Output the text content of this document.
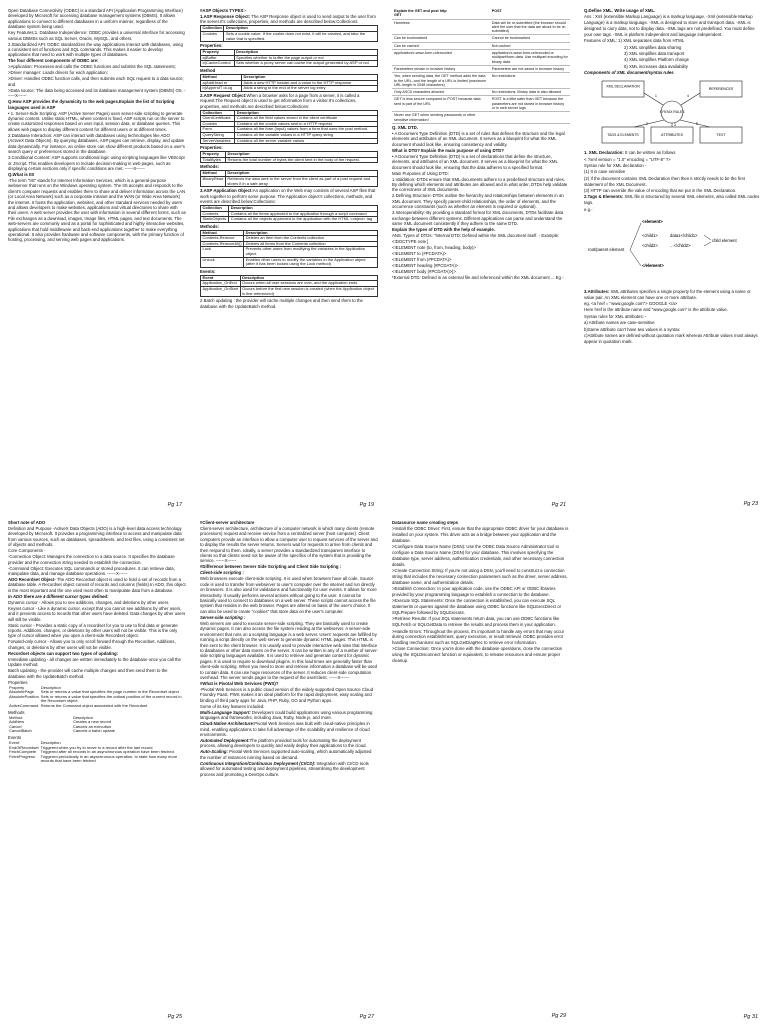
Open Database Connectivity (ODBC) is a standard API (Application Programming Interface) developed by Microsoft for accessing database management systems (DBMS). It allows applications to connect to different databases in a uniform manner, regardless of the database system being used.

Key Features:1. Database Independence: ODBC provides a universal interface for accessing various DBMSs such as SQL Server, Oracle, MySQL, and others.

2.Standardized API: ODBC standardizes the way applications interact with databases, using a consistent set of functions and SQL commands. This makes it easier to develop applications that need to work with multiple types of databases.

The four different components of ODBC are:

>Application: Processes and calls the ODBC functions and submits the SQL statements;

>Driver manager: Loads drivers for each application;

>Driver: Handles ODBC function calls, and then submits each SQL request to a data source; and

>Data source: The data being accessed and its database management system (DBMS) OS. ------X------

Q.How ASP provides the dynamicity to the web pages.Explain the list of Scripting languages used in ASP

• 1. Server-Side Scripting: ASP (Active Server Pages) uses server-side scripting to generate dynamic content. Unlike static HTML, where content is fixed, ASP scripts run on the server to create customized responses based on user input, session data, or database queries. This allows web pages to display different content for different users or at different times.

2.Database Interaction: ASP can interact with databases using technologies like ADO (ActiveX Data Objects). By querying databases, ASP pages can retrieve, display, and update data dynamically. For instance, an online store can show different products based on a user's search query or preferences stored in the database.

3.Conditional Content: ASP supports conditional logic using scripting languages like VBScript or JScript. This enables developers to include decision-making in web pages, such as displaying certain sections only if specific conditions are met. ------X------

Q.What is IIS

-The term "IIS" stands for Internet Information Services, which is a general-purpose webserver that runs on the Windows operating system. The IIS accepts and responds to the client's computer requests and enables them to share and deliver information across the LAN (or Local Area Network) such as a corporate intranet and the WAN (or Wide Area Network) the internet. It hosts the application, websites, and other standard services needed by users and allows developers to make websites, applications and virtual directories to share with their users. A web server provides the user with information in several different forms, such as File exchanges as a download, images, Image files, HTML pages, and text documents. The web-servers are commonly used as a portal for sophisticated and highly interactive websites, applications that hold middleware and back-end applications together to make everything operational. It also provides hardware and software components, with the primary function of hosting, processing, and serving web pages and applications.

Pg 17

#ASP Objects TYPES:-

1.ASP Response Object: The ASP Response object is used to send output to the user from the server.It's collections, properties, and methods are described below:Collections:

Collection	Description
Cookies	Sets a cookie value. If the cookie does not exist, it will be created, and take the value that is specified.

Properties:

Property	Description
a)Buffer	Specifies whether to buffer the page output or not
b)CacheControl	Sets whether a proxy server can cache the output generated by ASP or not

Method

Method	Description
a)AddHead er	Adds a new HTTP header and a value to the HTTP response
b)AppendT oLog	Adds a string to the end of the server log entry

2.ASP Request Object:When a browser asks for a page from a server, it is called a request.The Request object is used to get information from a visitor.It's collections, properties, and methods are described below:Collections:

Collection	Description
ClientCertificate	Contains all the field values stored in the client certificate
Cookies	Contains all the cookie values sent in a HTTP request
Form	Contains all the form (input) values from a form that uses the post method
QueryString	Contains all the variable values in a HTTP query string
ServerVariables	Contains all the server variable values

Properties:

Property	Description
TotalBytes	Returns the total number of bytes the client sent in the body of the request.

Methods:

Method	Description
BinaryRead	Retrieves the data sent to the server from the client as part of a post request and stores it in a safe array

3.ASP Application Object:An application on the Web may consists of several ASP files that work together to perform some purpose. The Application object's collections, methods, and events are described below:Collections:

Collection	Description
Contents	Contains all the items appended to the application through a script command
StaticObjects	Contains all the objects appended to the application with the HTML <object> tag

Methods:

Method	Description
Contents.Remove	Deletes an item from the Contents collection
Contents.RemoveAll()	Deletes all items from the Contents collection
Lock	Prevents other users from modifying the variables in the Application object
Unlock	Enables other users to modify the variables in the Application object (after it has been locked using the Lock method)

Events:

Event	Description
Application_OnEnd	Occurs when all user sessions are over, and the application ends
Application_OnStart	Occurs before the first new session is created (when the Application object is first referenced)

2.Batch updating : the provider will cache multiple changes and then send them to the database with the UpdateBatch method.

Pg 19
Explain the GET and post http
GET	POST
Harmless	Data will be re-submitted (the browser should alert the user that the data are about to be re-submitted)
Can be bookmarked	Cannot be bookmarked
Can be cached	Not cached
application/x-www-form-urlencoded	application/x-www-form-urlencoded or multipart/form-data. Use multipart encoding for binary data
Parameters remain in browser history	Parameters are not saved in browser history
Yes, when sending data, the GET method adds the data to the URL; and the length of a URL is limited (maximum URL length is 2048 characters)	No restrictions
Only ASCII characters allowed	No restrictions. Binary data is also allowed
GET is less secure compared to POST because data sent is part of the URL	POST is a little safer than GET because the parameters are not stored in browser history or in web server logs
Never use GET when sending passwords or other sensitive information!	

Q. XML DTD.

• A Document Type Definition (DTD) is a set of rules that defines the structure and the legal elements and attributes of an XML document. It serves as a blueprint for what the XML document should look like, ensuring consistency and validity.

What is DTD? Explain the main purpose of using DTD?

• A Document Type Definition (DTD) is a set of declarations that define the structure, elements, and attributes of an XML document. It serves as a blueprint for what the XML document should look like, ensuring that the data adheres to a specified format.

Main Purposes of Using DTD:

1.Validation:-DTDs ensure that XML documents adhere to a predefined structure and rules. By defining which elements and attributes are allowed and in what order, DTDs help validate the correctness of XML documents.

2.Defining Structure:-DTDs outline the hierarchy and relationships between elements in an XML document. They specify parent-child relationships, the order of elements, and the occurrence constraints (such as whether an element is required or optional).

3.Interoperability:-By providing a standard format for XML documents, DTDs facilitate data exchange between different systems. Different applications can parse and understand the same XML document consistently if they adhere to the same DTD.

Explain the types of DTD with the help of example.

ANS. Types of DTDs: "Internal DTD: Defined within the XML document itself. - Example:

<!DOCTYPE note [

<!ELEMENT note (to, from, heading, body)>

<!ELEMENT to (#PCDATA)>

<!ELEMENT from (#PCDATA)>

<!ELEMENT heading (#PCDATA)>

<!ELEMENT body (#PCDATA)>]>

*External DTD: Defined in an external file and referenced within the XML document ... Eg -

Pg 21

Q.Define XML. Write usage of XML.

Ans : Xml (extensible Markup Language) is a markup language. -Xml (extensible Markup Language) is a markup language. -XML is designed to store and transport data. -XML is designed to carry data, not to display data. -XML tags are not predefined. You must define your own tags. -XML is platform independent and language independent.

Features of XML: 1) XML separates data from HTML

2) XML simplifies data sharing

3) XML simplifies data transport

4) XML simplifies Platform change

5) XML increases data availability

Components of XML document/syntax rules

XML DECLARATION
REFERENCES
SYNTAX RULES
TAGS & ELEMENTS	ATTRIBUTES	TEXT
1	4
2	3	5

1. XML Declaration: It can be written as follows

< ?xml version = "1.0" encoding = "UTF-8" ?>

Syntax rule for XML declaration -

(1) It is case sensitive

(2) If the document contains XML Declaration then then it strictly needs to be the first statement of the XML Document.

(3) HTTP can override the value of encoding that we put in the XML Declaration.

2.Tags & Elements: XML file is structured by several XML elements, also called XML nodes tags.

e.g.-

<element>
<child1>	data1</child1>
<child2>	...</child2>
child element
root/parent element
</element>

3.Attributes: XML attributes specifies a single property for the element using a name or value pair. An XML element can have one or more attribute.

eg. <a href = "www.google.com"> GOOGLE </a>

Here href is the attribute name and "www.google.com" is the attribute value.

Syntax rules for XML attributes: -

a) Attribute names are case-sensitive

b)Same attribute can't have two values in a syntax

c)Attribute names are defined without quotation mark whereas Attribute values must always appear in quotation mark.

Pg 23

Short note of ADO

Definition and Purpose -ActiveX Data Objects (ADO) is a high-level data access technology developed by Microsoft. It provides a programming interface to access and manipulate data from various sources, such as databases, spreadsheets, and text files, using a consistent set of objects and methods.

Core Components -

-Connection Object: Manages the connection to a data source. It specifies the database provider and the connection string needed to establish the connection.

-Command Object: Executes SQL commands or stored procedures. It can retrieve data, manipulate data, and manage database operations. ------X------

ADO Recordset Object- The ADO Recordset object is used to hold a set of records from a database table. A Recordset object consist of records and columns (fields).In ADO, this object is the most important and the one used most often to manipulate data from a database.

In ADO there are 4 different cursor types defined:

Dynamic cursor - Allows you to see additions, changes, and deletions by other users.

Keyset cursor - Like a dynamic cursor, except that you cannot see additions by other users, and it prevents access to records that other users have deleted. Data changes by other users will still be visible.

Static cursor - Provides a static copy of a recordset for you to use to find data or generate reports. Additions, changes, or deletions by other users will not be visible. This is the only type of cursor allowed when you open a client-side Recordset object.

Forward-only cursor - Allows you to only scroll forward through the Recordset. Additions, changes, or deletions by other users will not be visible.

Recordset objects can support two types of updating:

Immediate updating - all changes are written immediately to the database once you call the Update method.

Batch updating - the provider will cache multiple changes and then send them to the database with the UpdateBatch method.

Properties

Property	Description
AbsolutePage	Sets or returns a value that specifies the page number in the Recordset object
AbsolutePosition	Sets or returns a value that specifies the ordinal position of the current record in the Recordset object
ActiveCommand	Returns the Command object associated with the Recordset

Methods

Method	Description
AddNew	Creates a new record
Cancel	Cancels an execution
CancelBatch	Cancels a batch update

Events

Event	Description
EndOfRecordset	Triggered when you try to move to a record after the last record
FetchComplete	Triggered after all records in an asynchronous operation have been fetched
FetchProgress	Triggered periodically in an asynchronous operation, to state how many more records that have been fetched
Pg 25

#Client-server architecture

Client-server architecture, architecture of a computer network in which many clients (remote processors) request and receive service from a centralized server (host computer). Client computers provide an interface to allow a computer user to request services of the server and to display the results the server returns. Servers wait for requests to arrive from clients and then respond to them. Ideally, a server provides a standardized transparent interface to clients so that clients need not be aware of the specifics of the system that is providing the service. ------X------

#Difference between Server Side Scripting and Client Side Scripting :

Client-side scripting :

Web browsers execute client-side scripting. It is used when browsers have all code. Source code is used to transfer from webserver to user's computer over the internet and run directly on browsers. It is also used for validations and functionality for user events. It allows for more interactivity. It usually performs several actions without going to the user. It cannot be basically used to connect to databases on a web server. These scripts cannot access the file system that resides in the web browser. Pages are altered on basis of the user's choice. It can also be used to create "cookies" that store data on the user's computer.

Server-side scripting :

Web servers are used to execute server-side scripting. They are basically used to create dynamic pages. It can also access the file system residing at the webserver. A server-side environment that runs on a scripting language is a web server. Users' requests are fulfilled by running a script directly on the web server to generate dynamic HTML pages. This HTML is then sent to the client browser. It is usually used to provide interactive web sites that interface to databases or other data stores on the server. It can be written in any of a number of server-side scripting languages available. It is used to retrieve and generate content for dynamic pages. It is used to require to download plugins. In this load times are generally faster than client-side scripting. When you need to store and retrieve information a database will be used to contain data. It can use huge resources of the server. It reduces client-side computation overhead. The server sends pages to the request of the user/client. ------X------

#What is Pivotal Web Services (PWS)?

-Pivotal Web Services is a public cloud version of the widely supported Open Source Cloud Foundry PaaS. PWS makes it an ideal platform for the rapid deployment, easy scaling and binding of third party apps for Java, PHP, Ruby, GO and Python apps.

Some of its key features included:

Multi-Language Support: Developers could build applications using various programming languages and frameworks, including Java, Ruby, Node.js, and more.

Cloud-Native Architecture:Pivotal Web Services was built with cloud-native principles in mind, enabling applications to take full advantage of the scalability and resilience of cloud environments.

Automated Deployment:The platform provided tools for automating the deployment process, allowing developers to quickly and easily deploy their applications to the cloud.

Auto-Scaling: Pivotal Web Services supported auto-scaling, which automatically adjusted the number of instances running based on demand.

Continuous Integration/Continuous Deployment (CI/CD): Integration with CI/CD tools allowed for automated testing and deployment pipelines, streamlining the development process and promoting a DevOps culture.

Pg 27

Datasource name creating steps

>Install the ODBC Driver: First, ensure that the appropriate ODBC driver for your database is installed on your system. This driver acts as a bridge between your application and the database.

>Configure Data Source Name (DSN): Use the ODBC Data Source Administrator tool to configure a Data Source Name (DSN) for your database. This involves specifying the database type, server address, authentication credentials, and other necessary connection details.

>Create Connection String: If you're not using a DSN, you'll need to construct a connection string that includes the necessary connection parameters such as the driver, server address, database name, and authentication details.

>Establish Connection: In your application code, use the ODBC API or ODBC libraries provided by your programming language to establish a connection to the database.

>Execute SQL Statements: Once the connection is established, you can execute SQL statements or queries against the database using ODBC functions like SQLExecDirect or SQLPrepare followed by SQLExecute.

>Retrieve Results: If your SQL statements return data, you can use ODBC functions like SQLFetch or SQLGetData to retrieve the results and process them in your application.

>Handle Errors: Throughout the process, it's important to handle any errors that may occur during connection establishment, query execution, or result retrieval. ODBC provides error handling mechanisms such as SQLGetDiagRec to retrieve error information.

>Close Connection: Once you're done with the database operations, close the connection using the SQLDisconnect function or equivalent, to release resources and ensure proper cleanup.

Pg 29	Pg 31
